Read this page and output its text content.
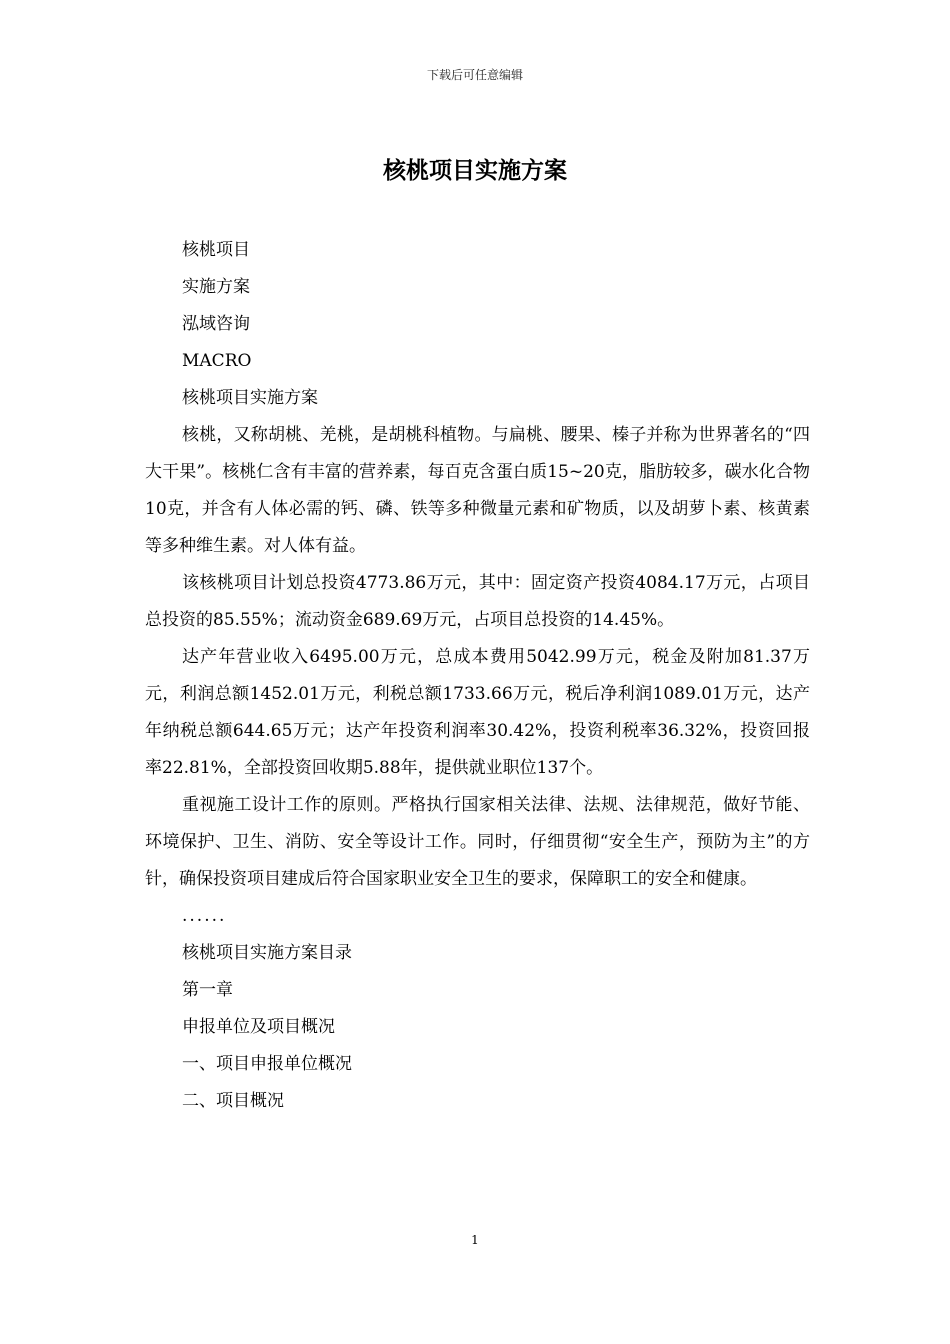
下载后可任意编辑
核桃项目实施方案

核桃项目

实施方案

泓域咨询

MACRO

核桃项目实施方案

核桃，又称胡桃、羌桃，是胡桃科植物。与扁桃、腰果、榛子并称为世界著名的“四大干果”。核桃仁含有丰富的营养素，每百克含蛋白质15~20克，脂肪较多，碳水化合物10克，并含有人体必需的钙、磷、铁等多种微量元素和矿物质，以及胡萝卜素、核黄素等多种维生素。对人体有益。

该核桃项目计划总投资4773.86万元，其中：固定资产投资4084.17万元，占项目总投资的85.55%；流动资金689.69万元，占项目总投资的14.45%。

达产年营业收入6495.00万元，总成本费用5042.99万元，税金及附加81.37万元，利润总额1452.01万元，利税总额1733.66万元，税后净利润1089.01万元，达产年纳税总额644.65万元；达产年投资利润率30.42%，投资利税率36.32%，投资回报率22.81%，全部投资回收期5.88年，提供就业职位137个。

重视施工设计工作的原则。严格执行国家相关法律、法规、法律规范，做好节能、环境保护、卫生、消防、安全等设计工作。同时，仔细贯彻“安全生产，预防为主”的方针，确保投资项目建成后符合国家职业安全卫生的要求，保障职工的安全和健康。

......

核桃项目实施方案目录

第一章

申报单位及项目概况

一、项目申报单位概况

二、项目概况

1
